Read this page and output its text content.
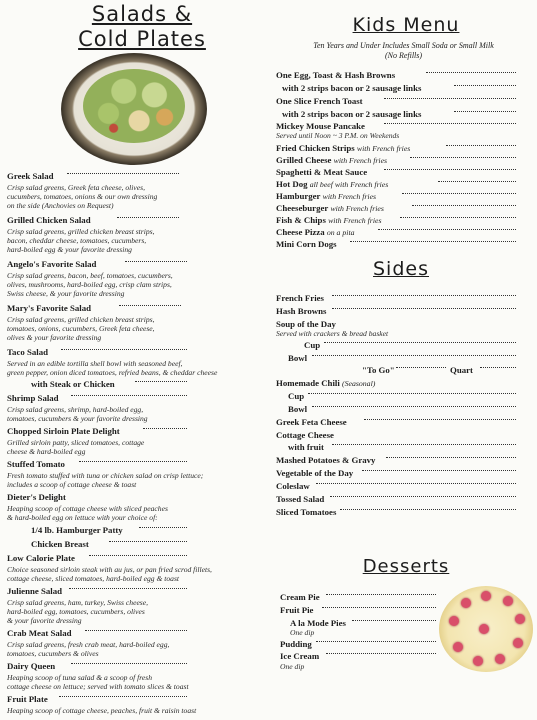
Salads &
Cold Plates
Greek Salad
Crisp salad greens, Greek feta cheese, olives,
cucumbers, tomatoes, onions & our own dressing
on the side (Anchovies on Request)
Grilled Chicken Salad
Crisp salad greens, grilled chicken breast strips,
bacon, cheddar cheese, tomatoes, cucumbers,
hard-boiled egg & your favorite dressing
Angelo's Favorite Salad
Crisp salad greens, bacon, beef, tomatoes, cucumbers,
olives, mushrooms, hard-boiled egg, crisp clam strips,
Swiss cheese, & your favorite dressing
Mary's Favorite Salad
Crisp salad greens, grilled chicken breast strips,
tomatoes, onions, cucumbers, Greek feta cheese,
olives & your favorite dressing
Taco Salad
Served in an edible tortilla shell bowl with seasoned beef,
green pepper, onion diced tomatoes, refried beans, & cheddar cheese
with Steak or Chicken
Shrimp Salad
Crisp salad greens, shrimp, hard-boiled egg,
tomatoes, cucumbers & your favorite dressing
Chopped Sirloin Plate Delight
Grilled sirloin patty, sliced tomatoes, cottage
cheese & hard-boiled egg
Stuffed Tomato
Fresh tomato stuffed with tuna or chicken salad on crisp lettuce;
includes a scoop of cottage cheese & toast
Dieter's Delight
Heaping scoop of cottage cheese with sliced peaches
& hard-boiled egg on lettuce with your choice of:
1/4 lb. Hamburger Patty
Chicken Breast
Low Calorie Plate
Choice seasoned sirloin steak with au jus, or pan fried scrod fillets,
cottage cheese, sliced tomatoes, hard-boiled egg & toast
Julienne Salad
Crisp salad greens, ham, turkey, Swiss cheese,
hard-boiled egg, tomatoes, cucumbers, olives
& your favorite dressing
Crab Meat Salad
Crisp salad greens, fresh crab meat, hard-boiled egg,
tomatoes, cucumbers & olives
Dairy Queen
Heaping scoop of tuna salad & a scoop of fresh
cottage cheese on lettuce; served with tomato slices & toast
Fruit Plate
Heaping scoop of cottage cheese, peaches, fruit & raisin toast
Kids Menu
Ten Years and Under Includes Small Soda or Small Milk
(No Refills)
One Egg, Toast & Hash Browns
with 2 strips bacon or 2 sausage links
One Slice French Toast
with 2 strips bacon or 2 sausage links
Mickey Mouse Pancake
Served until Noon ~ 3 P.M. on Weekends
Fried Chicken Strips with French fries
Grilled Cheese with French fries
Spaghetti & Meat Sauce
Hot Dog all beef with French fries
Hamburger with French fries
Cheeseburger with French fries
Fish & Chips with French fries
Cheese Pizza on a pita
Mini Corn Dogs
Sides
French Fries
Hash Browns
Soup of the Day
Served with crackers & bread basket
Cup
Bowl
"To Go"	Quart
Homemade Chili (Seasonal)
Cup
Bowl
Greek Feta Cheese
Cottage Cheese
with fruit
Mashed Potatoes & Gravy
Vegetable of the Day
Coleslaw
Tossed Salad
Sliced Tomatoes
Desserts
Cream Pie
Fruit Pie
A la Mode Pies
One dip
Pudding
Ice Cream
One dip
